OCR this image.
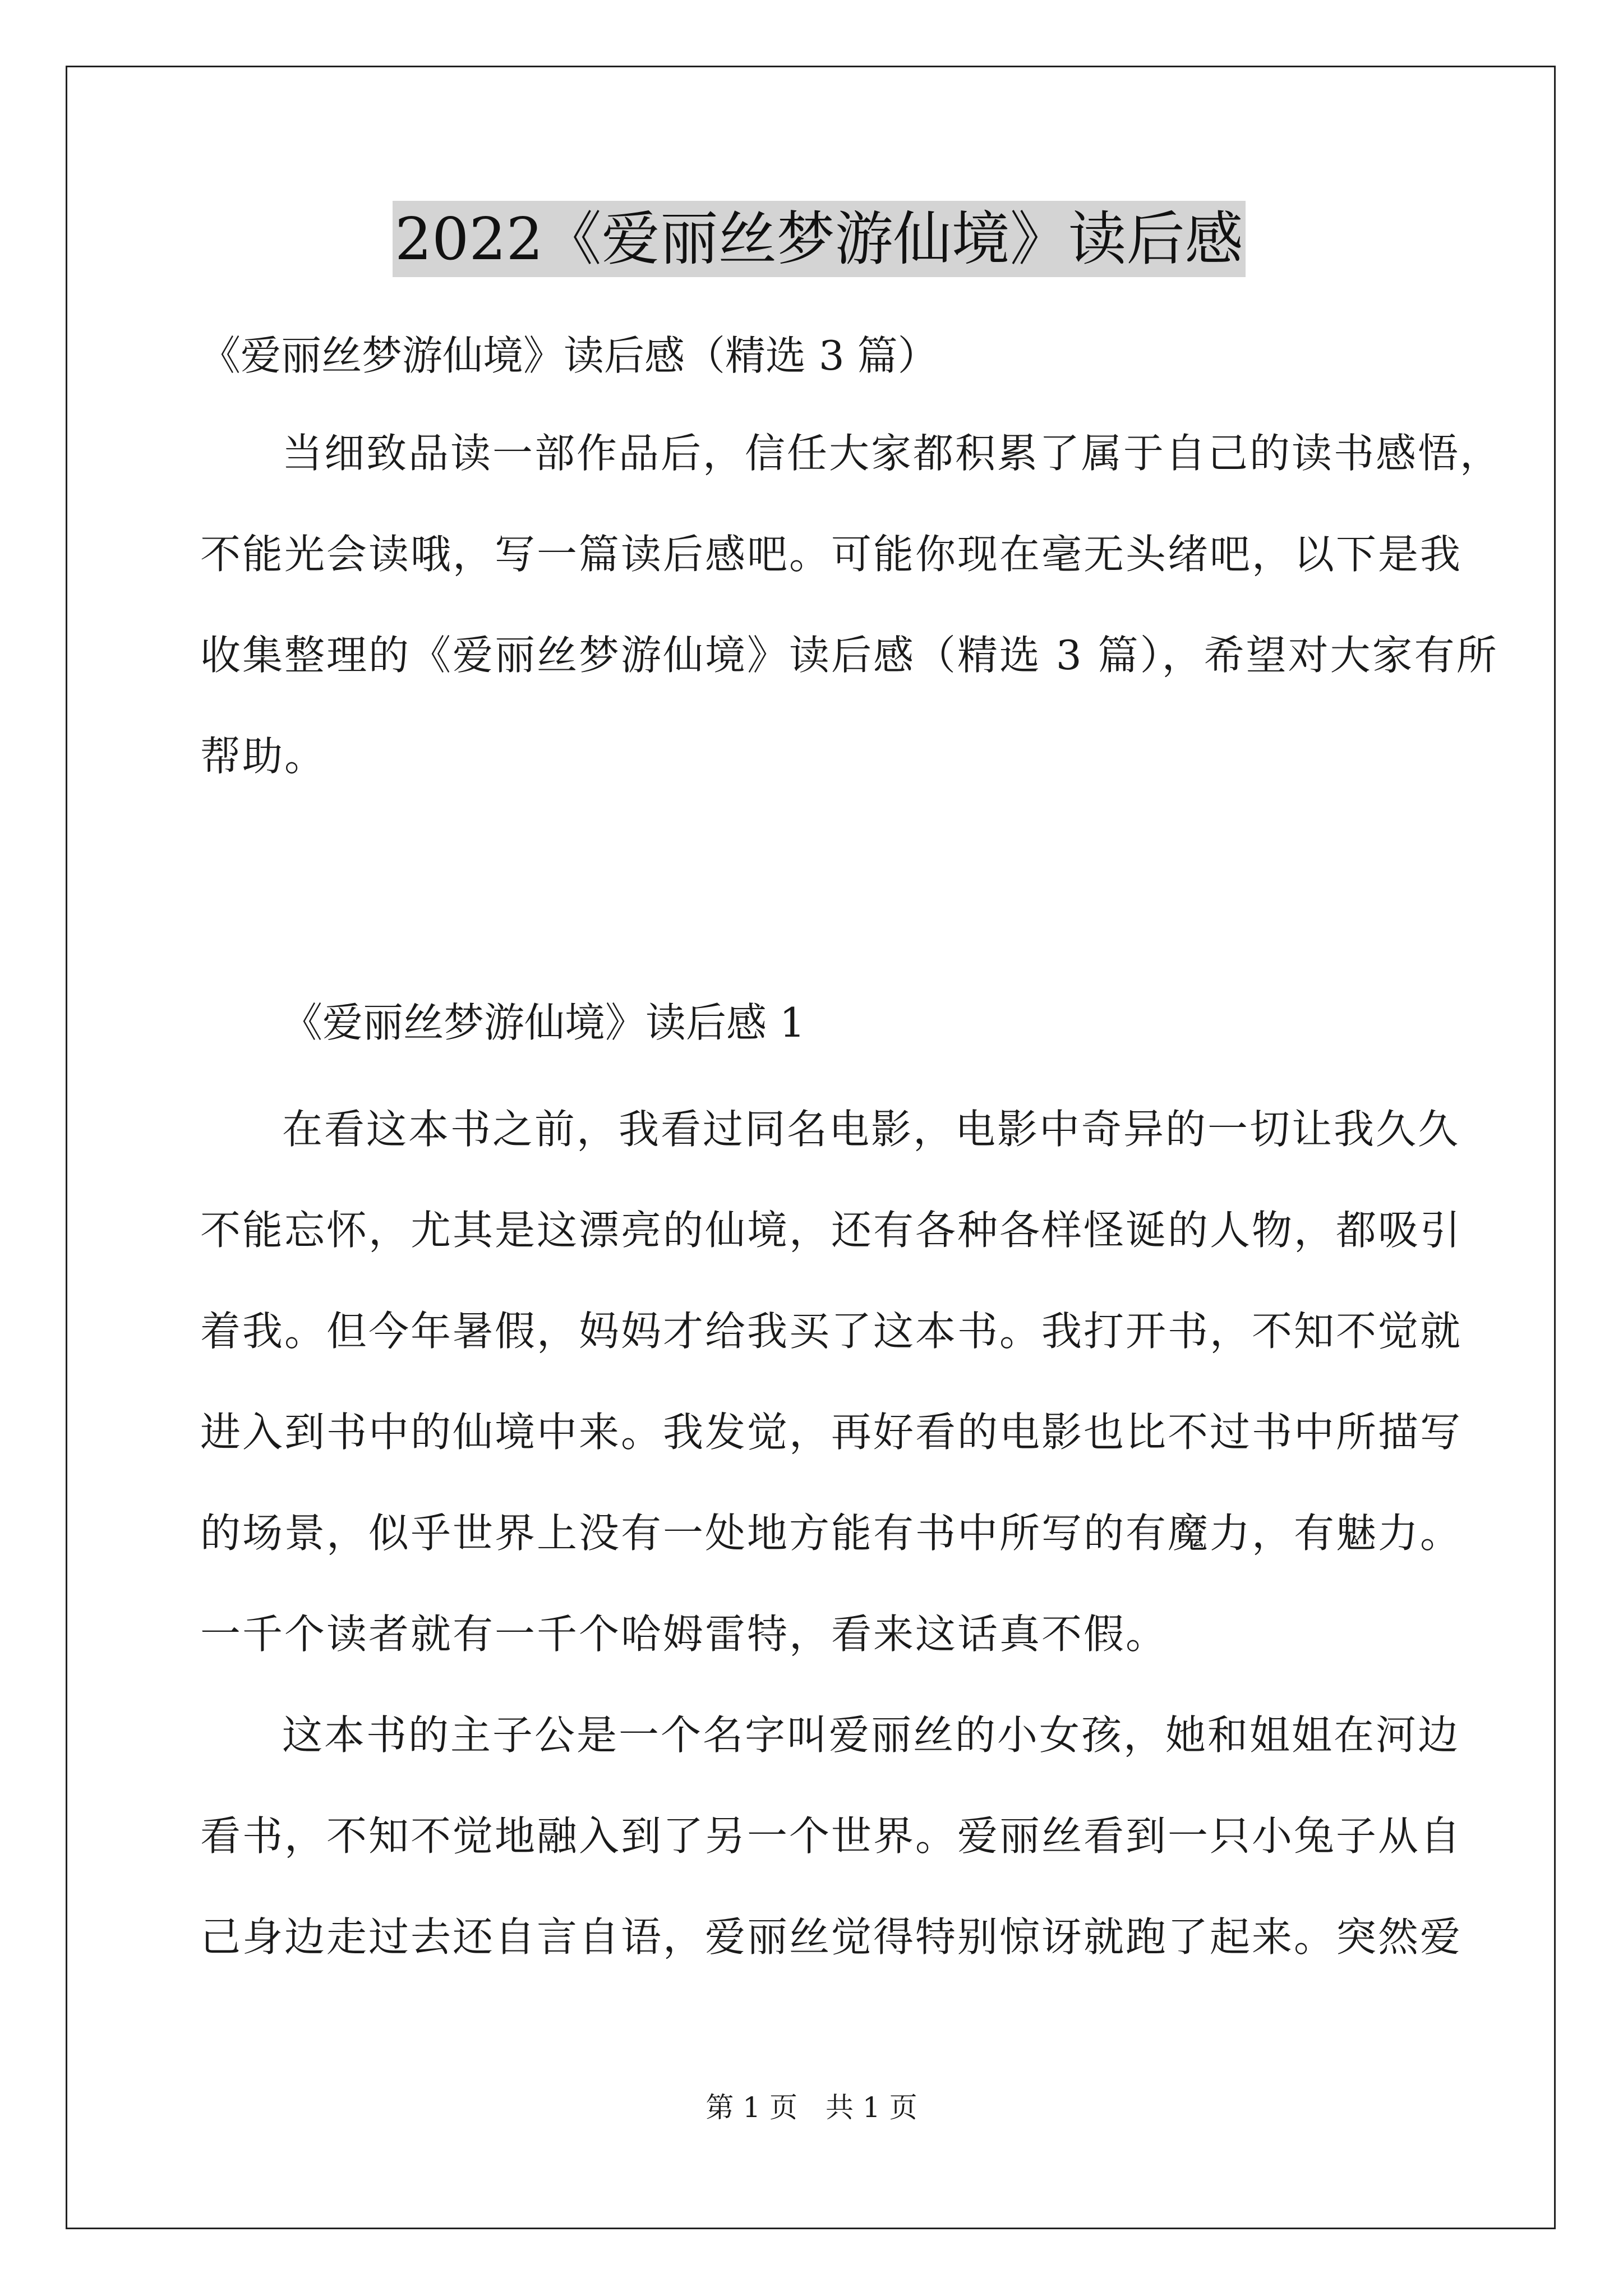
2022《爱丽丝梦游仙境》读后感
《爱丽丝梦游仙境》读后感（精选 3 篇）
当细致品读一部作品后，信任大家都积累了属于自己的读书感悟，
不能光会读哦，写一篇读后感吧。可能你现在毫无头绪吧，以下是我
收集整理的《爱丽丝梦游仙境》读后感（精选 3 篇），希望对大家有所
帮助。
《爱丽丝梦游仙境》读后感 1
在看这本书之前，我看过同名电影，电影中奇异的一切让我久久
不能忘怀，尤其是这漂亮的仙境，还有各种各样怪诞的人物，都吸引
着我。但今年暑假，妈妈才给我买了这本书。我打开书，不知不觉就
进入到书中的仙境中来。我发觉，再好看的电影也比不过书中所描写
的场景，似乎世界上没有一处地方能有书中所写的有魔力，有魅力。
一千个读者就有一千个哈姆雷特，看来这话真不假。
这本书的主子公是一个名字叫爱丽丝的小女孩，她和姐姐在河边
看书，不知不觉地融入到了另一个世界。爱丽丝看到一只小兔子从自
己身边走过去还自言自语，爱丽丝觉得特别惊讶就跑了起来。突然爱
第 1 页　共 1 页
